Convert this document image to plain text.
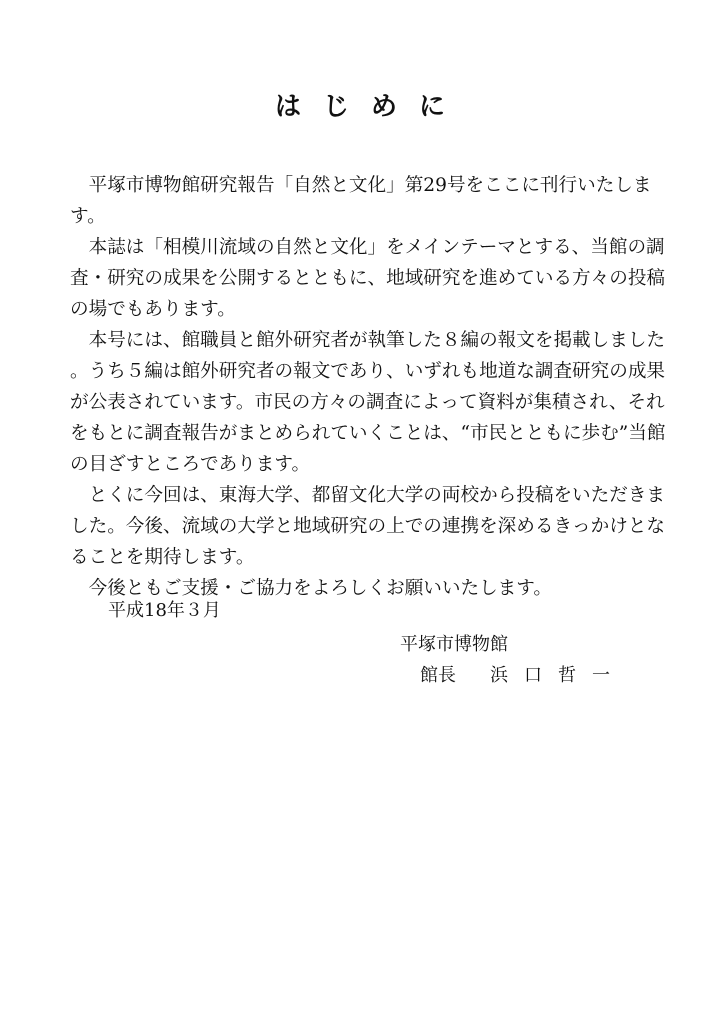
はじめに

平塚市博物館研究報告「自然と文化」第29号をここに刊行いたします。

本誌は「相模川流域の自然と文化」をメインテーマとする、当館の調査・研究の成果を公開するとともに、地域研究を進めている方々の投稿の場でもあります。

本号には、館職員と館外研究者が執筆した８編の報文を掲載しました。うち５編は館外研究者の報文であり、いずれも地道な調査研究の成果が公表されています。市民の方々の調査によって資料が集積され、それをもとに調査報告がまとめられていくことは、“市民とともに歩む”当館の目ざすところであります。

とくに今回は、東海大学、都留文化大学の両校から投稿をいただきました。今後、流域の大学と地域研究の上での連携を深めるきっかけとなることを期待します。

今後ともご支援・ご協力をよろしくお願いいたします。

平成18年３月

平塚市博物館

館長 浜口哲一
